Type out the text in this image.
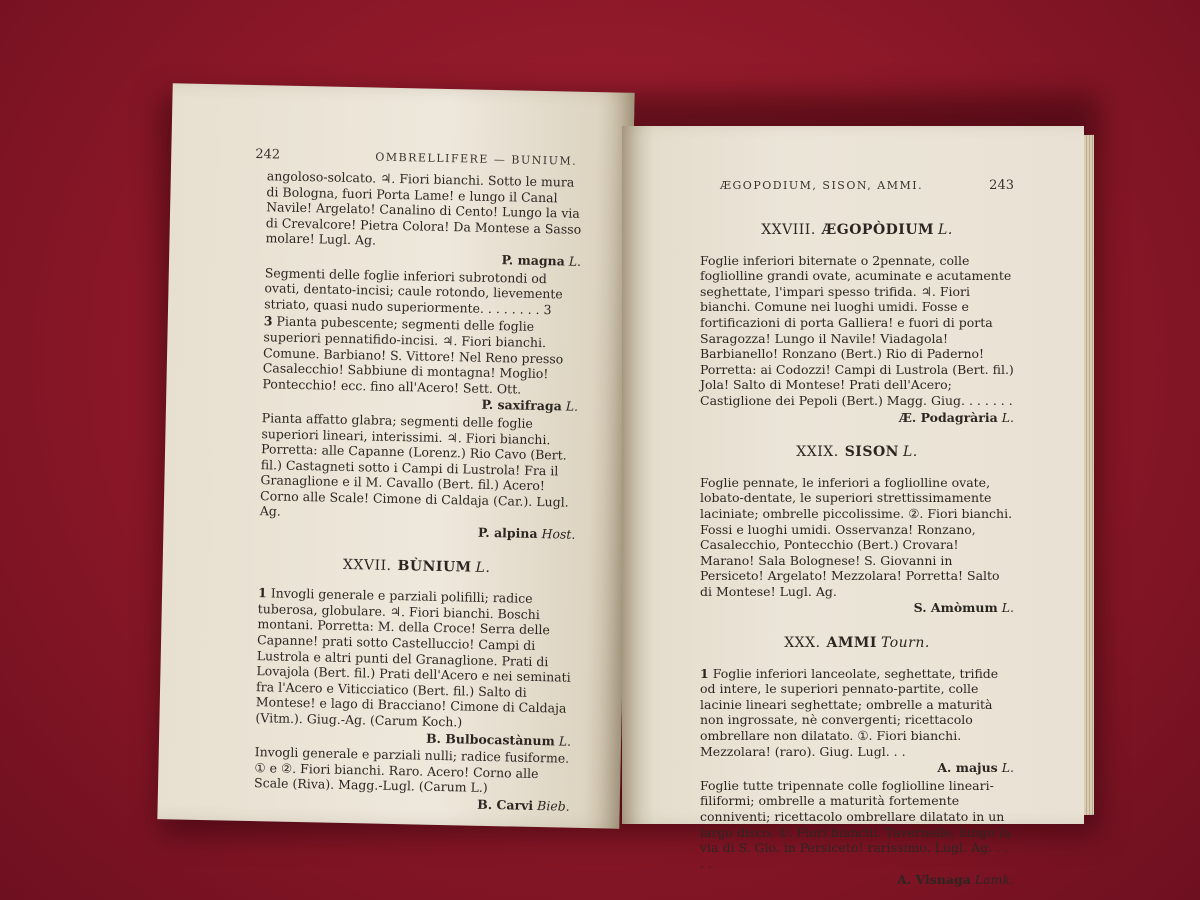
242	OMBRELLIFERE — BUNIUM.
angoloso-solcato. ♃. Fiori bianchi. Sotto le mura di Bologna, fuori Porta Lame! e lungo il Canal Navile! Argelato! Canalino di Cento! Lungo la via di Crevalcore! Pietra Colora! Da Montese a Sasso molare! Lugl. Ag.
P. magna L.
Segmenti delle foglie inferiori subrotondi od ovati, dentato-incisi; caule rotondo, lievemente striato, quasi nudo superiormente. . . . . . . . 3
3 Pianta pubescente; segmenti delle foglie superiori pennatifido-incisi. ♃. Fiori bianchi. Comune. Barbiano! S. Vittore! Nel Reno presso Casalecchio! Sabbiune di montagna! Moglio! Pontecchio! ecc. fino all'Acero! Sett. Ott.
P. saxifraga L.
Pianta affatto glabra; segmenti delle foglie superiori lineari, interissimi. ♃. Fiori bianchi. Porretta: alle Capanne (Lorenz.) Rio Cavo (Bert. fil.) Castagneti sotto i Campi di Lustrola! Fra il Granaglione e il M. Cavallo (Bert. fil.) Acero! Corno alle Scale! Cimone di Caldaja (Car.). Lugl. Ag.
P. alpina Host.
XXVII. BÙNIUM L.
1 Invogli generale e parziali polifilli; radice tuberosa, globulare. ♃. Fiori bianchi. Boschi montani. Porretta: M. della Croce! Serra delle Capanne! prati sotto Castelluccio! Campi di Lustrola e altri punti del Granaglione. Prati di Lovajola (Bert. fil.) Prati dell'Acero e nei seminati fra l'Acero e Viticciatico (Bert. fil.) Salto di Montese! e lago di Bracciano! Cimone di Caldaja (Vitm.). Giug.-Ag. (Carum Koch.)
B. Bulbocastànum L.
Invogli generale e parziali nulli; radice fusiforme. ① e ②. Fiori bianchi. Raro. Acero! Corno alle Scale (Riva). Magg.-Lugl. (Carum L.)
B. Carvi Bieb.
ÆGOPODIUM, SISON, AMMI.	243
XXVIII. ÆGOPÒDIUM L.
Foglie inferiori biternate o 2pennate, colle fogliolline grandi ovate, acuminate e acutamente seghettate, l'impari spesso trifida. ♃. Fiori bianchi. Comune nei luoghi umidi. Fosse e fortificazioni di porta Galliera! e fuori di porta Saragozza! Lungo il Navile! Viadagola! Barbianello! Ronzano (Bert.) Rio di Paderno! Porretta: ai Codozzi! Campi di Lustrola (Bert. fil.) Jola! Salto di Montese! Prati dell'Acero; Castiglione dei Pepoli (Bert.) Magg. Giug. . . . . . .
Æ. Podagrària L.
XXIX. SISON L.
Foglie pennate, le inferiori a fogliolline ovate, lobato-dentate, le superiori strettissimamente laciniate; ombrelle piccolissime. ②. Fiori bianchi. Fossi e luoghi umidi. Osservanza! Ronzano, Casalecchio, Pontecchio (Bert.) Crovara! Marano! Sala Bolognese! S. Giovanni in Persiceto! Argelato! Mezzolara! Porretta! Salto di Montese! Lugl. Ag.
S. Amòmum L.
XXX. AMMI Tourn.
1 Foglie inferiori lanceolate, seghettate, trifide od intere, le superiori pennato-partite, colle lacinie lineari seghettate; ombrelle a maturità non ingrossate, nè convergenti; ricettacolo ombrellare non dilatato. ①. Fiori bianchi. Mezzolara! (raro). Giug. Lugl. . .
A. majus L.
Foglie tutte tripennate colle fogliolline lineari-filiformi; ombrelle a maturità fortemente conniventi; ricettacolo ombrellare dilatato in un largo disco. ①. Fiori bianchi. Tavernelle, lungo la via di S. Gio. in Persiceto! rarissimo. Lugl. Ag. . . . .
A. Visnaga Lamk.
